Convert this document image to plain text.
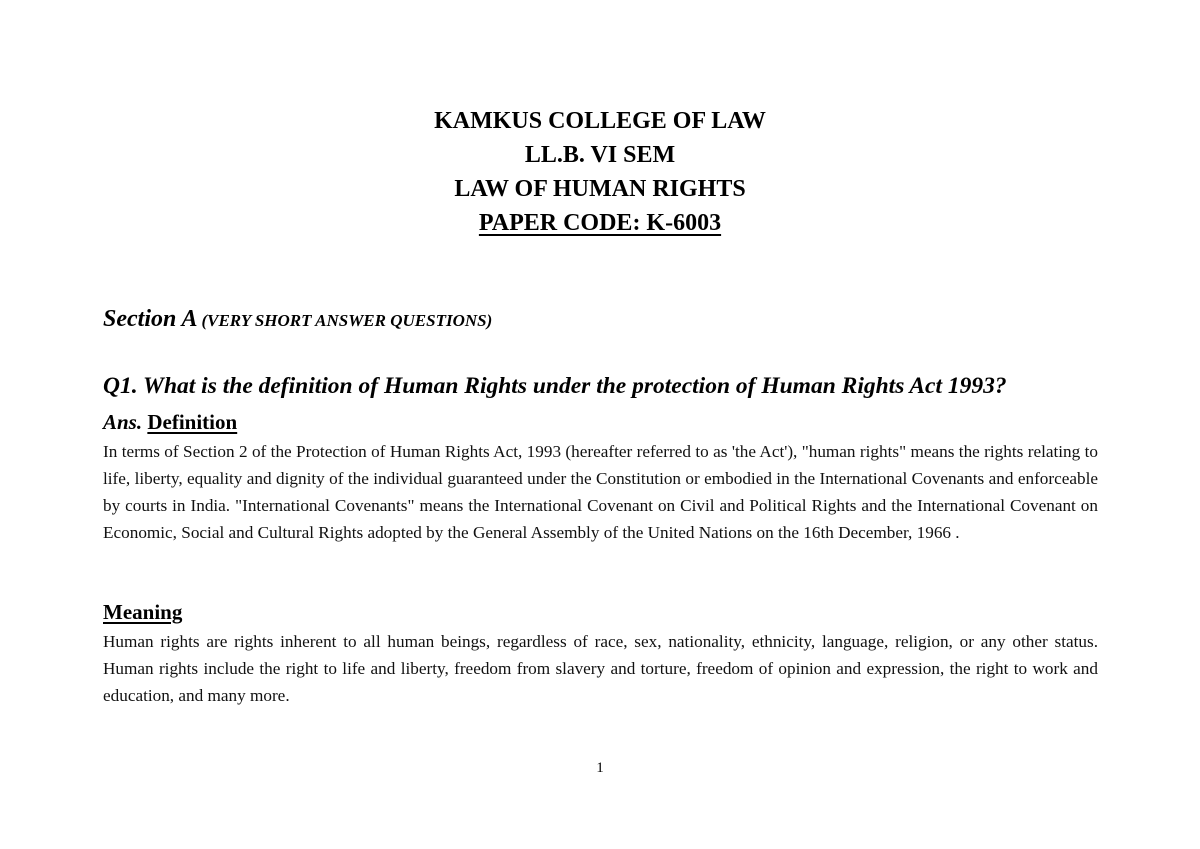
KAMKUS COLLEGE OF LAW
LL.B. VI SEM
LAW OF HUMAN RIGHTS
PAPER CODE: K-6003
Section A (VERY SHORT ANSWER QUESTIONS)
Q1. What is the definition of Human Rights under the protection of Human Rights Act 1993?
Ans. Definition
In terms of Section 2 of the Protection of Human Rights Act, 1993 (hereafter referred to as 'the Act'), "human rights" means the rights relating to life, liberty, equality and dignity of the individual guaranteed under the Constitution or embodied in the International Covenants and enforceable by courts in India. "International Covenants" means the International Covenant on Civil and Political Rights and the International Covenant on Economic, Social and Cultural Rights adopted by the General Assembly of the United Nations on the 16th December, 1966 .
Meaning
Human rights are rights inherent to all human beings, regardless of race, sex, nationality, ethnicity, language, religion, or any other status. Human rights include the right to life and liberty, freedom from slavery and torture, freedom of opinion and expression, the right to work and education, and many more.
1
